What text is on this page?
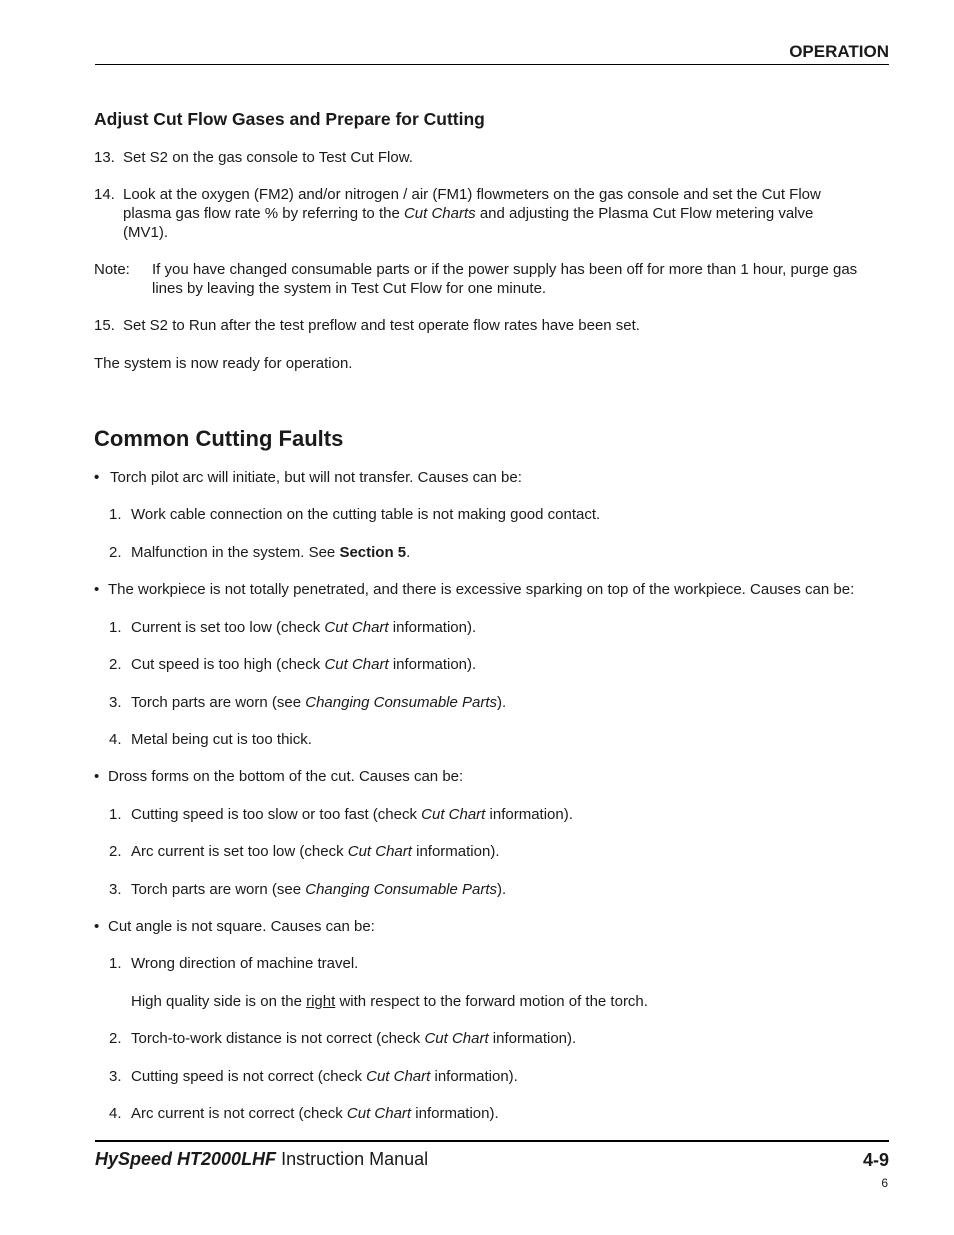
OPERATION
Adjust Cut Flow Gases and Prepare for Cutting
13. Set S2 on the gas console to Test Cut Flow.
14. Look at the oxygen (FM2) and/or nitrogen / air (FM1) flowmeters on the gas console and set the Cut Flow
plasma gas flow rate % by referring to the Cut Charts and adjusting the Plasma Cut Flow metering valve
(MV1).
Note: If you have changed consumable parts or if the power supply has been off for more than 1 hour, purge gas
lines by leaving the system in Test Cut Flow for one minute.
15. Set S2 to Run after the test preflow and test operate flow rates have been set.
The system is now ready for operation.
Common Cutting Faults
• Torch pilot arc will initiate, but will not transfer. Causes can be:
1. Work cable connection on the cutting table is not making good contact.
2. Malfunction in the system. See Section 5.
• The workpiece is not totally penetrated, and there is excessive sparking on top of the workpiece. Causes can be:
1. Current is set too low (check Cut Chart information).
2. Cut speed is too high (check Cut Chart information).
3. Torch parts are worn (see Changing Consumable Parts).
4. Metal being cut is too thick.
• Dross forms on the bottom of the cut. Causes can be:
1. Cutting speed is too slow or too fast (check Cut Chart information).
2. Arc current is set too low (check Cut Chart information).
3. Torch parts are worn (see Changing Consumable Parts).
• Cut angle is not square. Causes can be:
1. Wrong direction of machine travel.
High quality side is on the right with respect to the forward motion of the torch.
2. Torch-to-work distance is not correct (check Cut Chart information).
3. Cutting speed is not correct (check Cut Chart information).
4. Arc current is not correct (check Cut Chart information).
HySpeed HT2000LHF Instruction Manual	4-9
6
